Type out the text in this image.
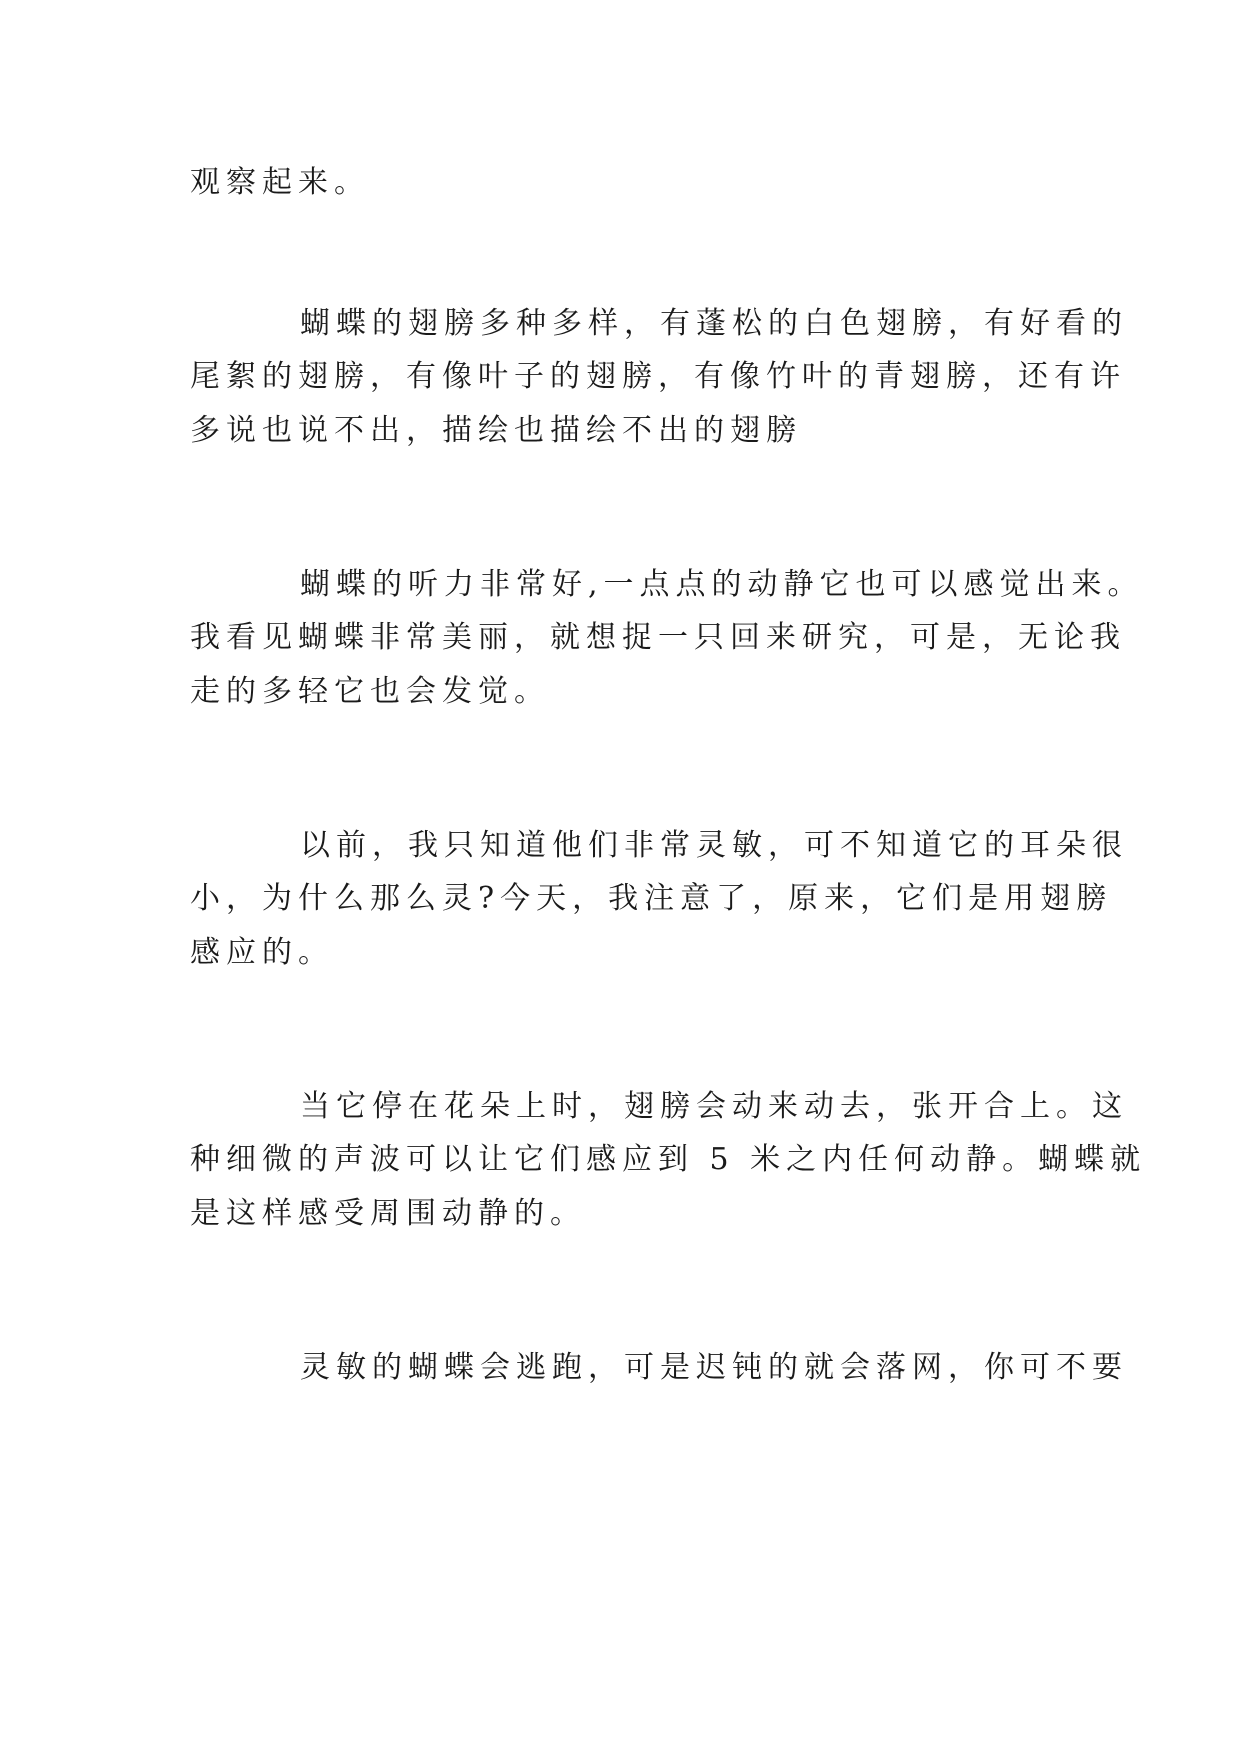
观察起来。

蝴蝶的翅膀多种多样，有蓬松的白色翅膀，有好看的

尾絮的翅膀，有像叶子的翅膀，有像竹叶的青翅膀，还有许

多说也说不出，描绘也描绘不出的翅膀

蝴蝶的听力非常好,一点点的动静它也可以感觉出来。

我看见蝴蝶非常美丽，就想捉一只回来研究，可是，无论我

走的多轻它也会发觉。

以前，我只知道他们非常灵敏，可不知道它的耳朵很

小，为什么那么灵?今天，我注意了，原来，它们是用翅膀

感应的。

当它停在花朵上时，翅膀会动来动去，张开合上。这

种细微的声波可以让它们感应到 5 米之内任何动静。蝴蝶就

是这样感受周围动静的。

灵敏的蝴蝶会逃跑，可是迟钝的就会落网，你可不要
